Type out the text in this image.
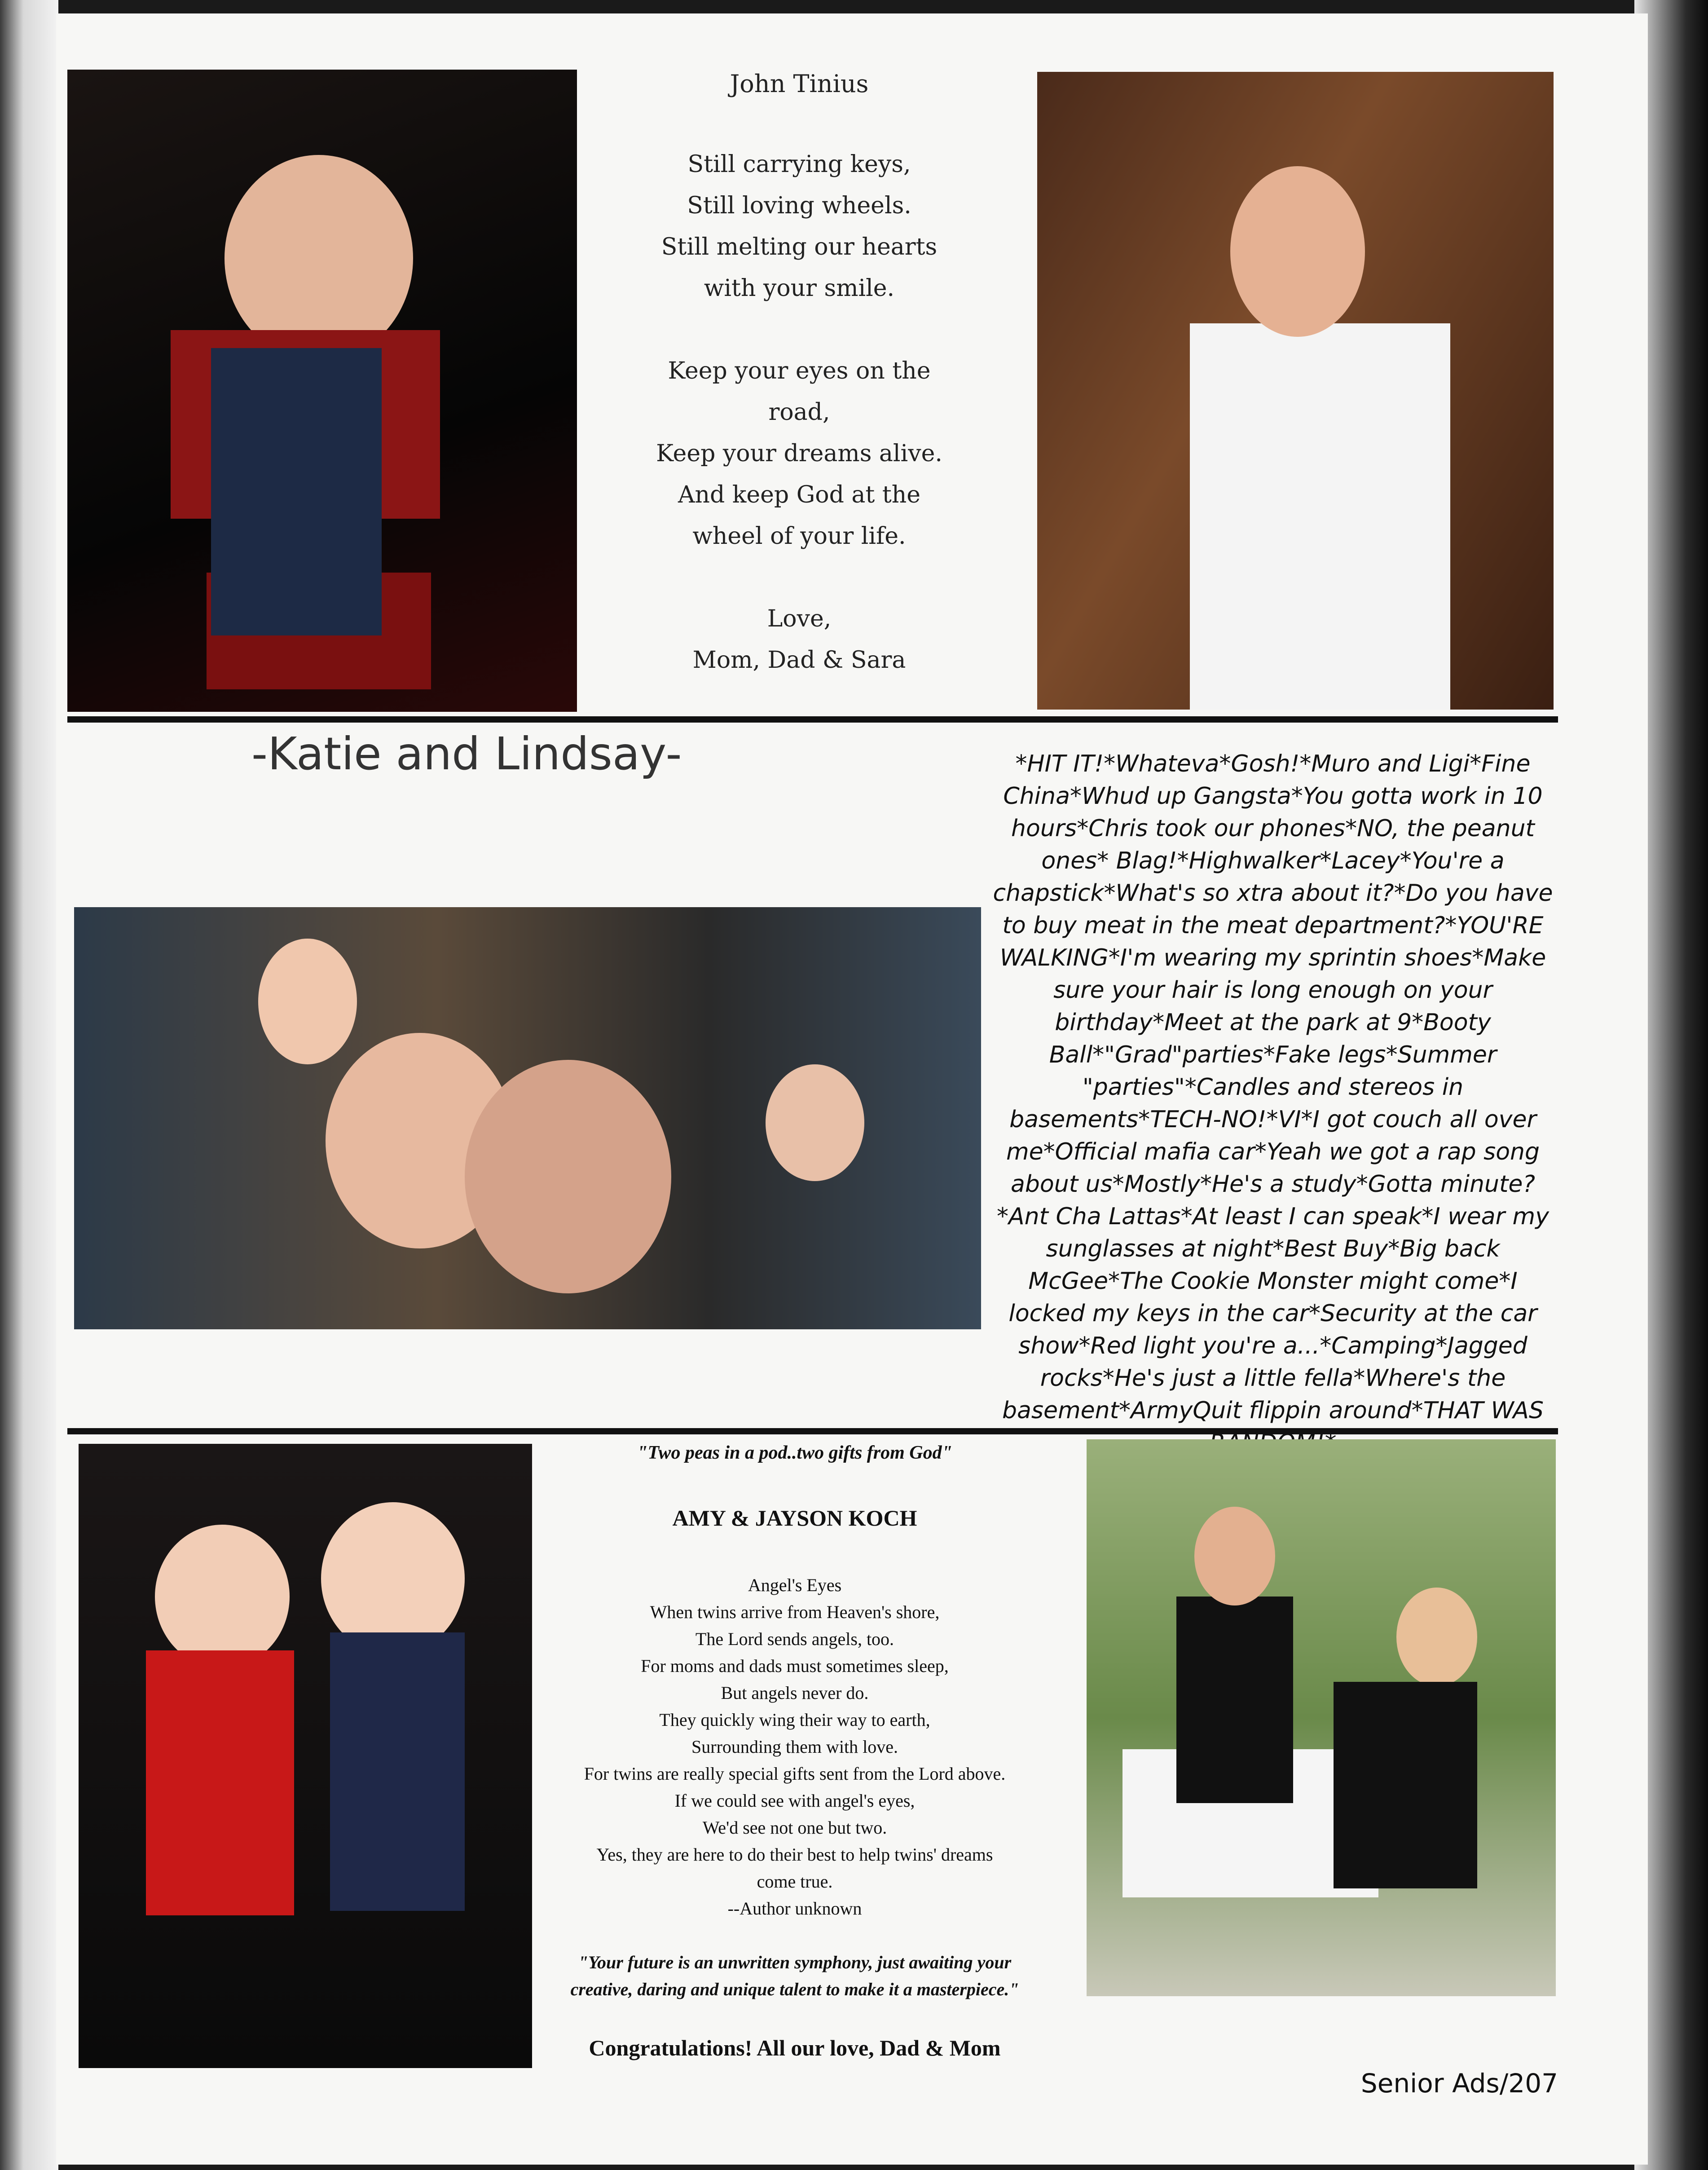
John Tinius
Still carrying keys,
Still loving wheels.
Still melting our hearts
with your smile.

Keep your eyes on the
road,
Keep your dreams alive.
And keep God at the
wheel of your life.

Love,
Mom, Dad & Sara
-Katie and Lindsay-	*HIT IT!*Whateva*Gosh!*Muro and Ligi*Fine China*Whud up Gangsta*You gotta work in 10 hours*Chris took our phones*NO, the peanut ones* Blag!*Highwalker*Lacey*You're a chapstick*What's so xtra about it?*Do you have to buy meat in the meat department?*YOU'RE WALKING*I'm wearing my sprintin shoes*Make sure your hair is long enough on your birthday*Meet at the park at 9*Booty Ball*"Grad"parties*Fake legs*Summer "parties"*Candles and stereos in basements*TECH-NO!*VI*I got couch all over me*Official mafia car*Yeah we got a rap song about us*Mostly*He's a study*Gotta minute?*Ant Cha Lattas*At least I can speak*I wear my sunglasses at night*Best Buy*Big back McGee*The Cookie Monster might come*I locked my keys in the car*Security at the car show*Red light you're a...*Camping*Jagged rocks*He's just a little fella*Where's the basement*ArmyQuit flippin around*THAT WAS
"Two peas in a pod..two gifts from God"
AMY & JAYSON KOCH
Angel's Eyes
When twins arrive from Heaven's shore,
The Lord sends angels, too.
For moms and dads must sometimes sleep,
But angels never do.
They quickly wing their way to earth,
Surrounding them with love.
For twins are really special gifts sent from the Lord above.
If we could see with angel's eyes,
We'd see not one but two.
Yes, they are here to do their best to help twins' dreams
come true.
--Author unknown
"Your future is an unwritten symphony, just awaiting your creative, daring and unique talent to make it a masterpiece."
Congratulations! All our love, Dad & Mom
Senior Ads/207
